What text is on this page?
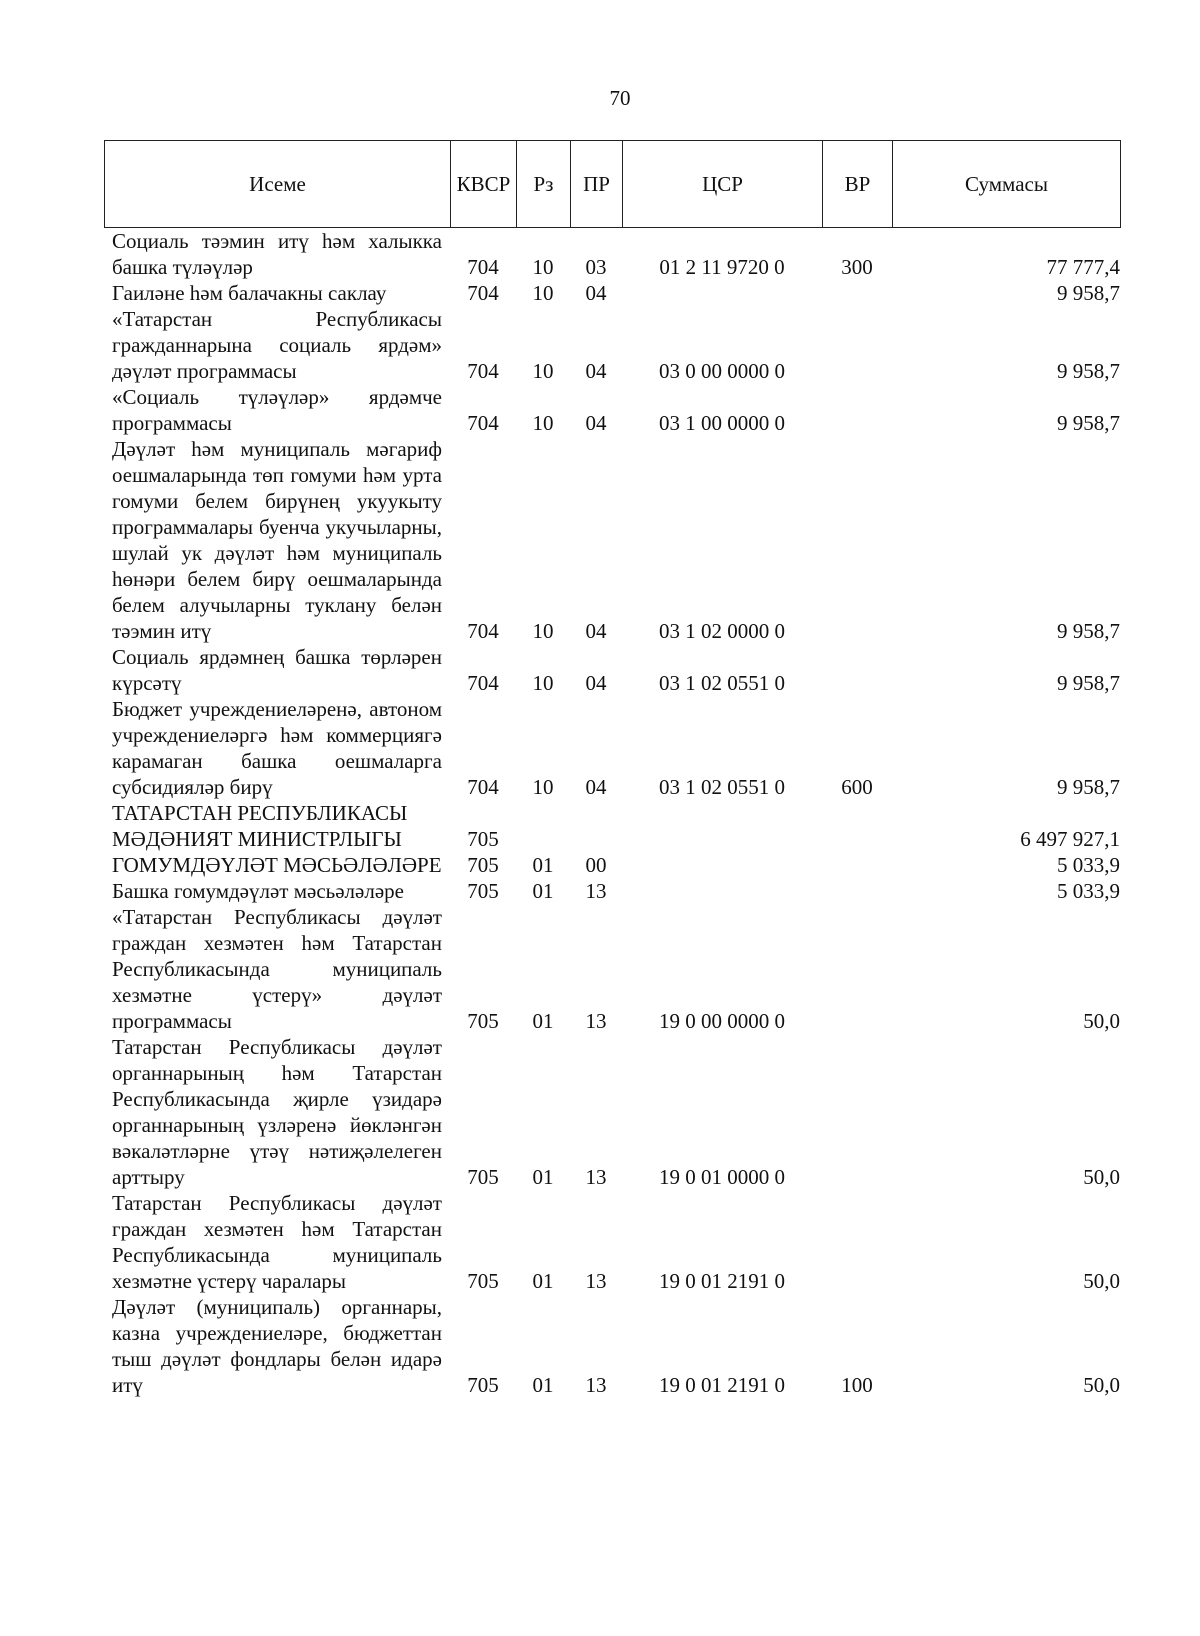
70
Исеме	КВСР	Рз	ПР	ЦСР	ВР	Суммасы
Социаль тәэмин итү һәм халыкка башка түләүләр	704	10	03	01 2 11 9720 0	300	77 777,4
Гаиләне һәм балачакны саклау	704	10	04			9 958,7
«Татарстан Республикасы гражданнарына социаль ярдәм» дәүләт программасы	704	10	04	03 0 00 0000 0		9 958,7
«Социаль түләүләр» ярдәмче программасы	704	10	04	03 1 00 0000 0		9 958,7
Дәүләт һәм муниципаль мәгариф оешмаларында төп гомуми һәм урта гомуми белем бирүнең укуукыту программалары буенча укучыларны, шулай ук дәүләт һәм муниципаль һөнәри белем бирү оешмаларында белем алучыларны туклану белән тәэмин итү	704	10	04	03 1 02 0000 0		9 958,7
Социаль ярдәмнең башка төрләрен күрсәтү	704	10	04	03 1 02 0551 0		9 958,7
Бюджет учреждениеләренә, автоном учреждениеләргә һәм коммерциягә карамаган башка оешмаларга субсидияләр бирү	704	10	04	03 1 02 0551 0	600	9 958,7
ТАТАРСТАН РЕСПУБЛИКАСЫ МӘДӘНИЯТ МИНИСТРЛЫГЫ	705					6 497 927,1
ГОМУМДӘҮЛӘТ МӘСЬӘЛӘЛӘРЕ	705	01	00			5 033,9
Башка гомумдәүләт мәсьәләләре	705	01	13			5 033,9
«Татарстан Республикасы дәүләт граждан хезмәтен һәм Татарстан Республикасында муниципаль хезмәтне үстерү» дәүләт программасы	705	01	13	19 0 00 0000 0		50,0
Татарстан Республикасы дәүләт органнарының һәм Татарстан Республикасында җирле үзидарә органнарының үзләренә йөкләнгән вәкаләтләрне үтәү нәтиҗәлелеген арттыру	705	01	13	19 0 01 0000 0		50,0
Татарстан Республикасы дәүләт граждан хезмәтен һәм Татарстан Республикасында муниципаль хезмәтне үстерү чаралары	705	01	13	19 0 01 2191 0		50,0
Дәүләт (муниципаль) органнары, казна учреждениеләре, бюджеттан тыш дәүләт фондлары белән идарә итү	705	01	13	19 0 01 2191 0	100	50,0
